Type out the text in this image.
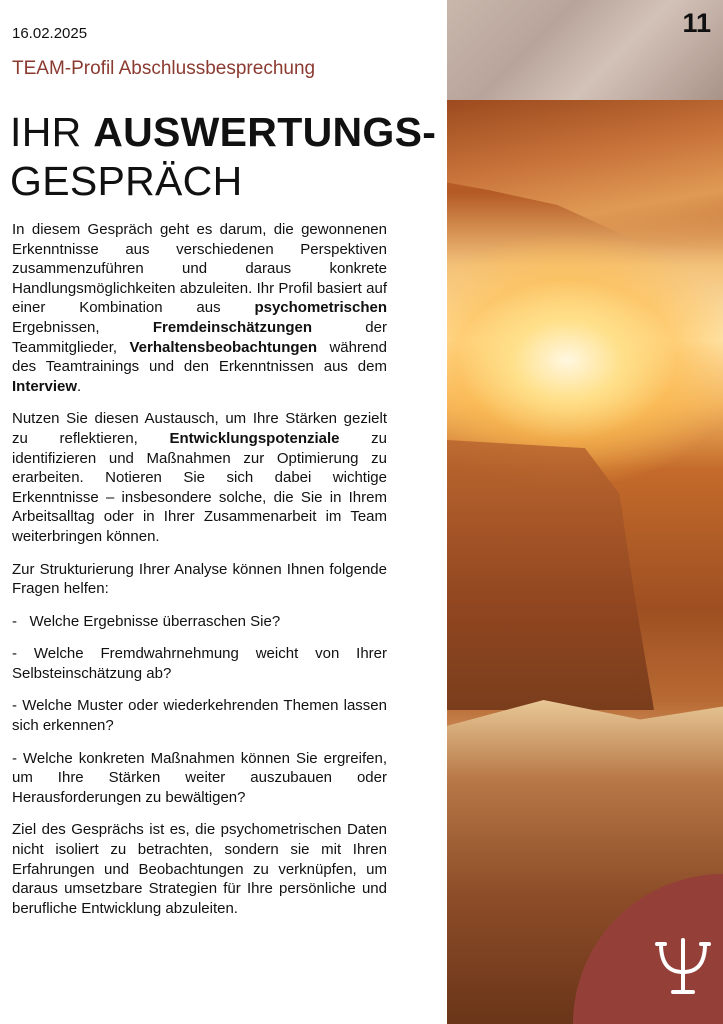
16.02.2025
TEAM-Profil Abschlussbesprechung
IHR AUSWERTUNGS-
GESPRÄCH

In diesem Gespräch geht es darum, die gewonnenen Erkenntnisse aus verschiedenen Perspektiven zusammenzuführen und daraus konkrete Handlungsmöglichkeiten abzuleiten. Ihr Profil basiert auf einer Kombination aus psychometrischen Ergebnissen, Fremdeinschätzungen der Teammitglieder, Verhaltensbeobachtungen während des Teamtrainings und den Erkenntnissen aus dem Interview.

Nutzen Sie diesen Austausch, um Ihre Stärken gezielt zu reflektieren, Entwicklungspotenziale zu identifizieren und Maßnahmen zur Optimierung zu erarbeiten. Notieren Sie sich dabei wichtige Erkenntnisse – insbesondere solche, die Sie in Ihrem Arbeitsalltag oder in Ihrer Zusammenarbeit im Team weiterbringen können.

Zur Strukturierung Ihrer Analyse können Ihnen folgende Fragen helfen:

-   Welche Ergebnisse überraschen Sie?

- Welche Fremdwahrnehmung weicht von Ihrer Selbsteinschätzung ab?

- Welche Muster oder wiederkehrenden Themen lassen sich erkennen?

- Welche konkreten Maßnahmen können Sie ergreifen, um Ihre Stärken weiter auszubauen oder Herausforderungen zu bewältigen?

Ziel des Gesprächs ist es, die psychometrischen Daten nicht isoliert zu betrachten, sondern sie mit Ihren Erfahrungen und Beobachtungen zu verknüpfen, um daraus umsetzbare Strategien für Ihre persönliche und berufliche Entwicklung abzuleiten.

11
